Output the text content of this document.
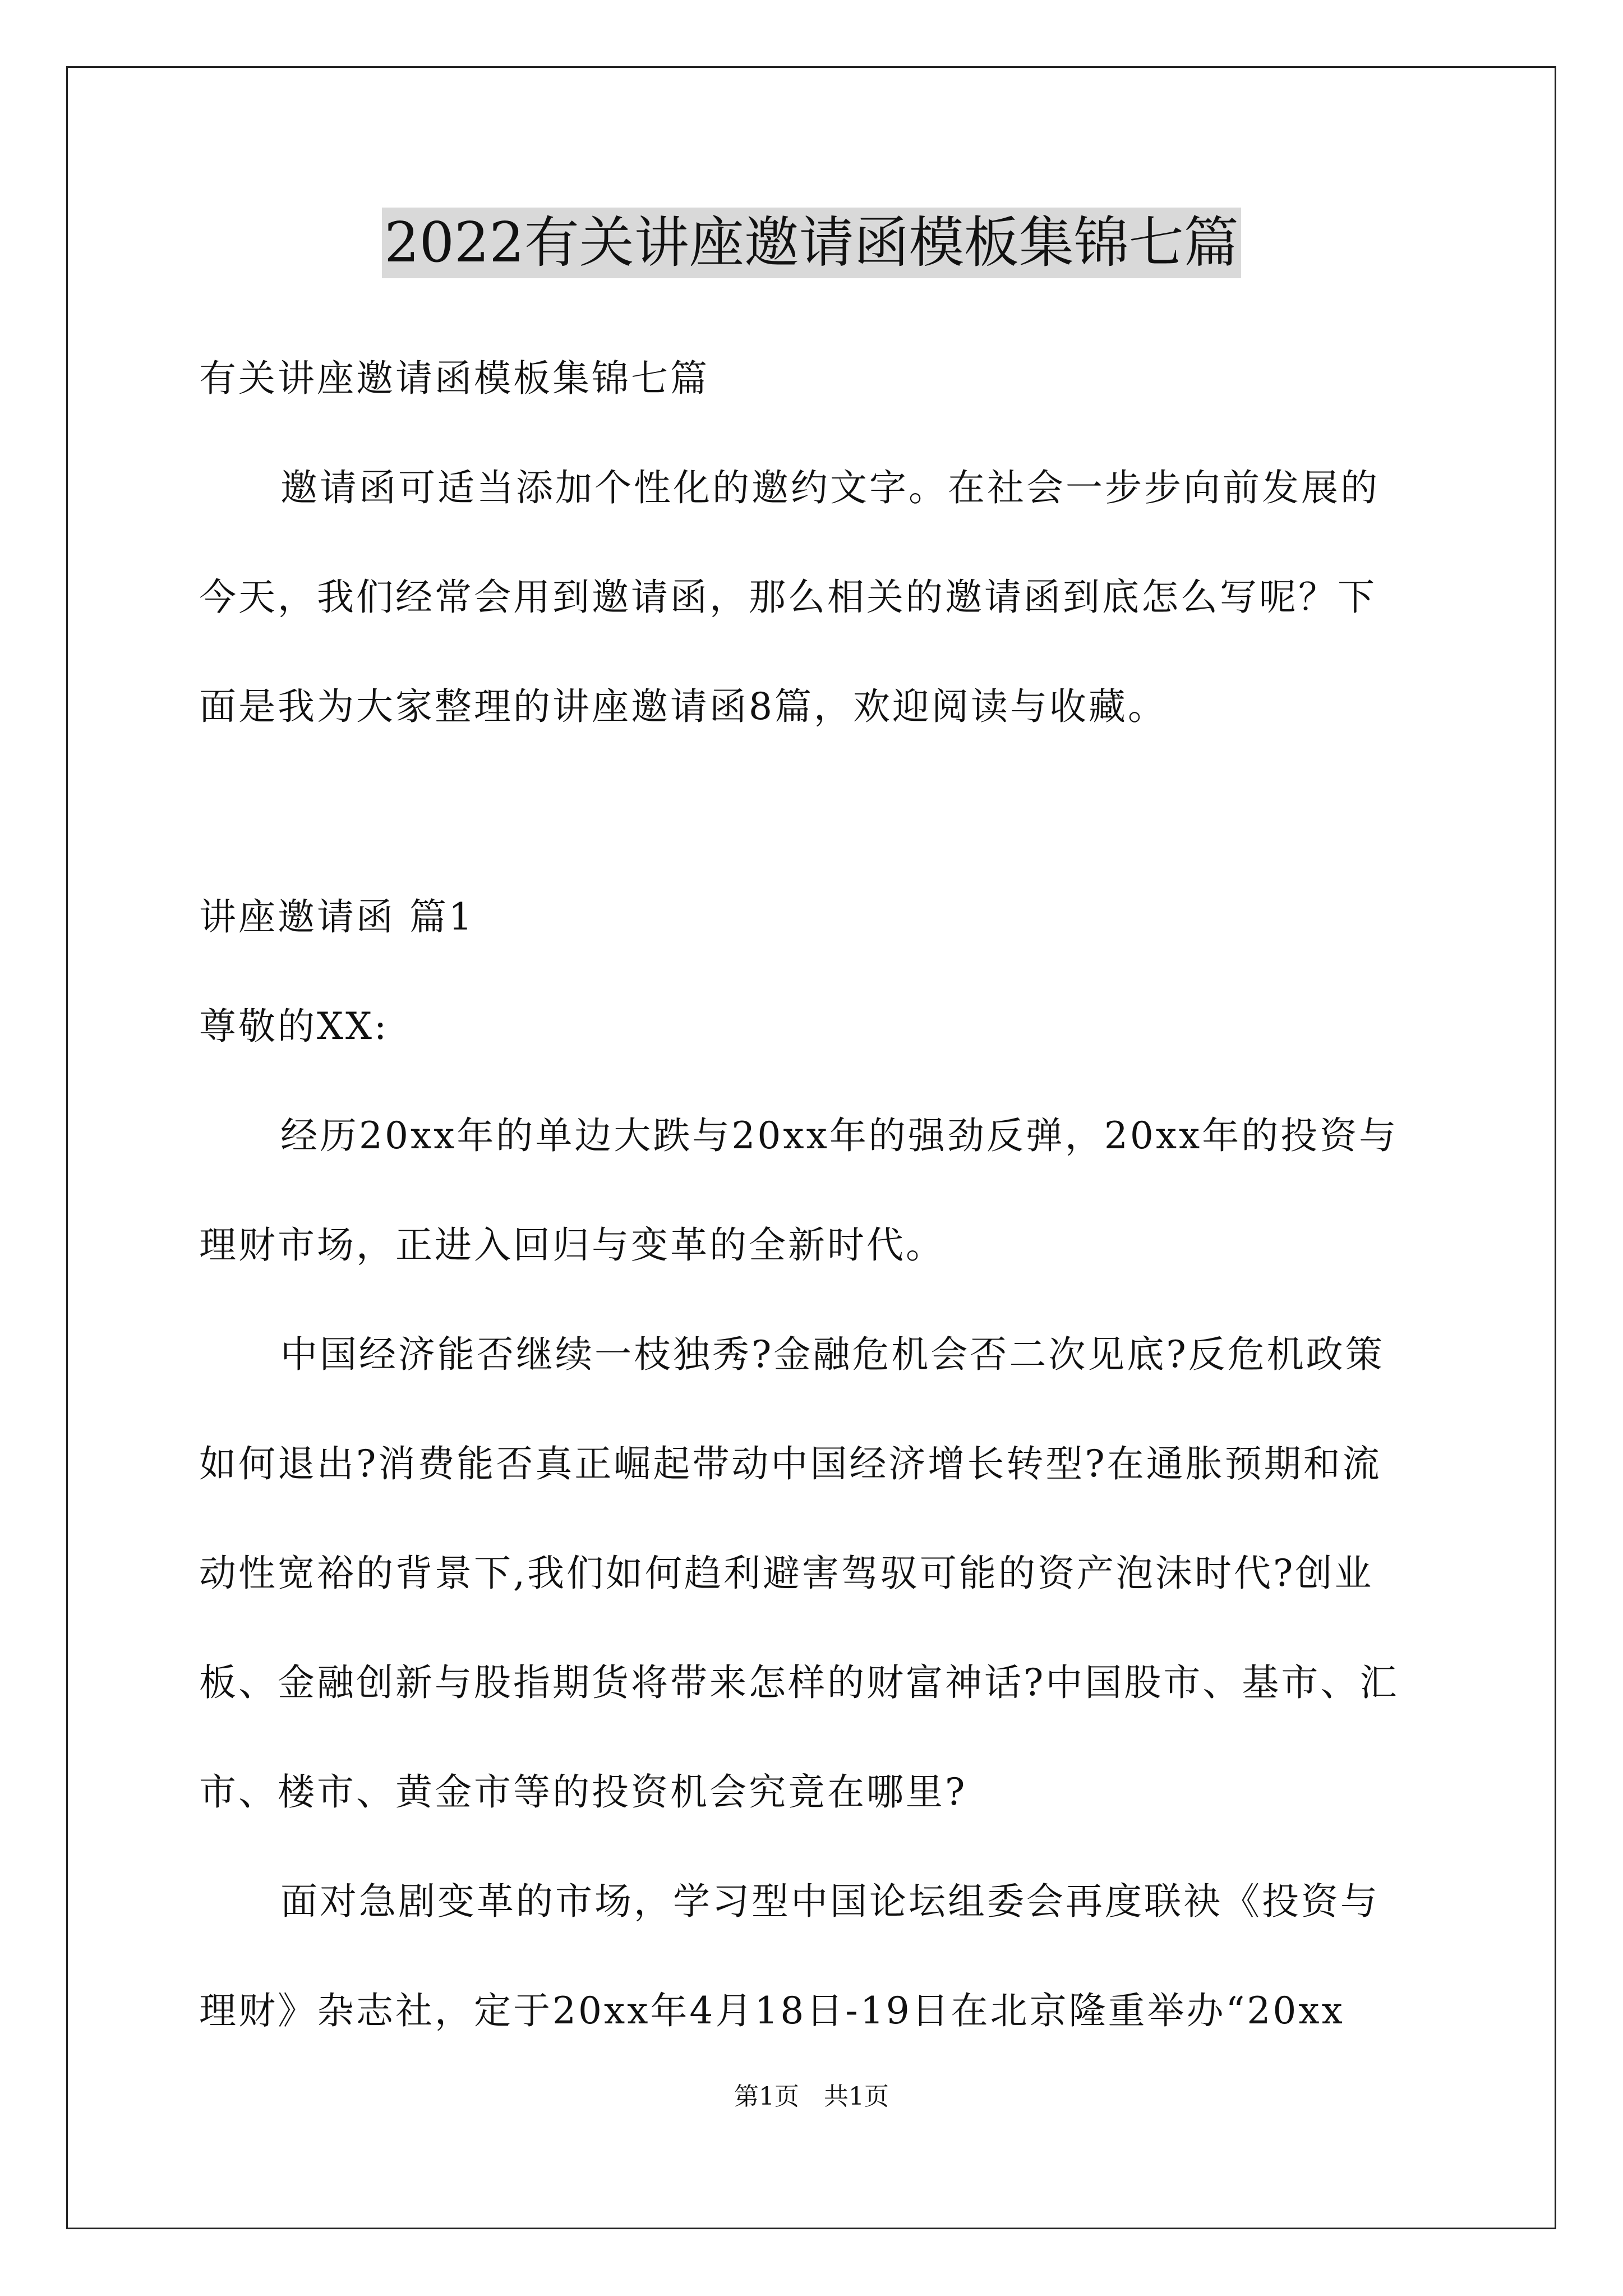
2022有关讲座邀请函模板集锦七篇
有关讲座邀请函模板集锦七篇
邀请函可适当添加个性化的邀约文字。在社会一步步向前发展的
今天，我们经常会用到邀请函，那么相关的邀请函到底怎么写呢？下
面是我为大家整理的讲座邀请函8篇，欢迎阅读与收藏。
讲座邀请函 篇1
尊敬的XX:
经历20xx年的单边大跌与20xx年的强劲反弹，20xx年的投资与
理财市场，正进入回归与变革的全新时代。
中国经济能否继续一枝独秀?金融危机会否二次见底?反危机政策
如何退出?消费能否真正崛起带动中国经济增长转型?在通胀预期和流
动性宽裕的背景下,我们如何趋利避害驾驭可能的资产泡沫时代?创业
板、金融创新与股指期货将带来怎样的财富神话?中国股市、基市、汇
市、楼市、黄金市等的投资机会究竟在哪里?
面对急剧变革的市场，学习型中国论坛组委会再度联袂《投资与
理财》杂志社，定于20xx年4月18日-19日在北京隆重举办“20xx
第1页　共1页
